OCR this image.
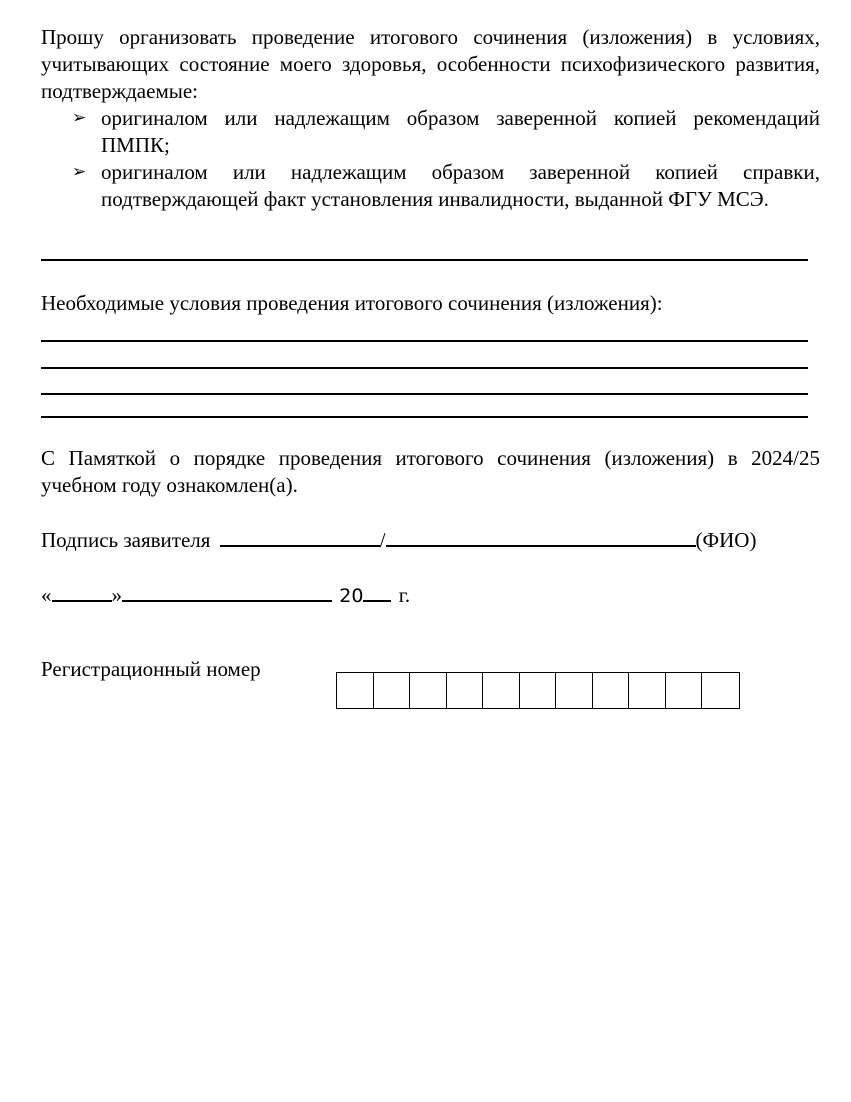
Прошу организовать проведение итогового сочинения (изложения) в условиях, учитывающих состояние моего здоровья, особенности психофизического развития, подтверждаемые:
➢ оригиналом или надлежащим образом заверенной копией рекомендаций ПМПК;
➢ оригиналом или надлежащим образом заверенной копией справки, подтверждающей факт установления инвалидности, выданной ФГУ МСЭ.
Необходимые условия проведения итогового сочинения (изложения):
С Памяткой о порядке проведения итогового сочинения (изложения) в 2024/25 учебном году ознакомлен(а).
Подпись заявителя	/	(ФИО)
«	»	20 г.
Регистрационный номер
